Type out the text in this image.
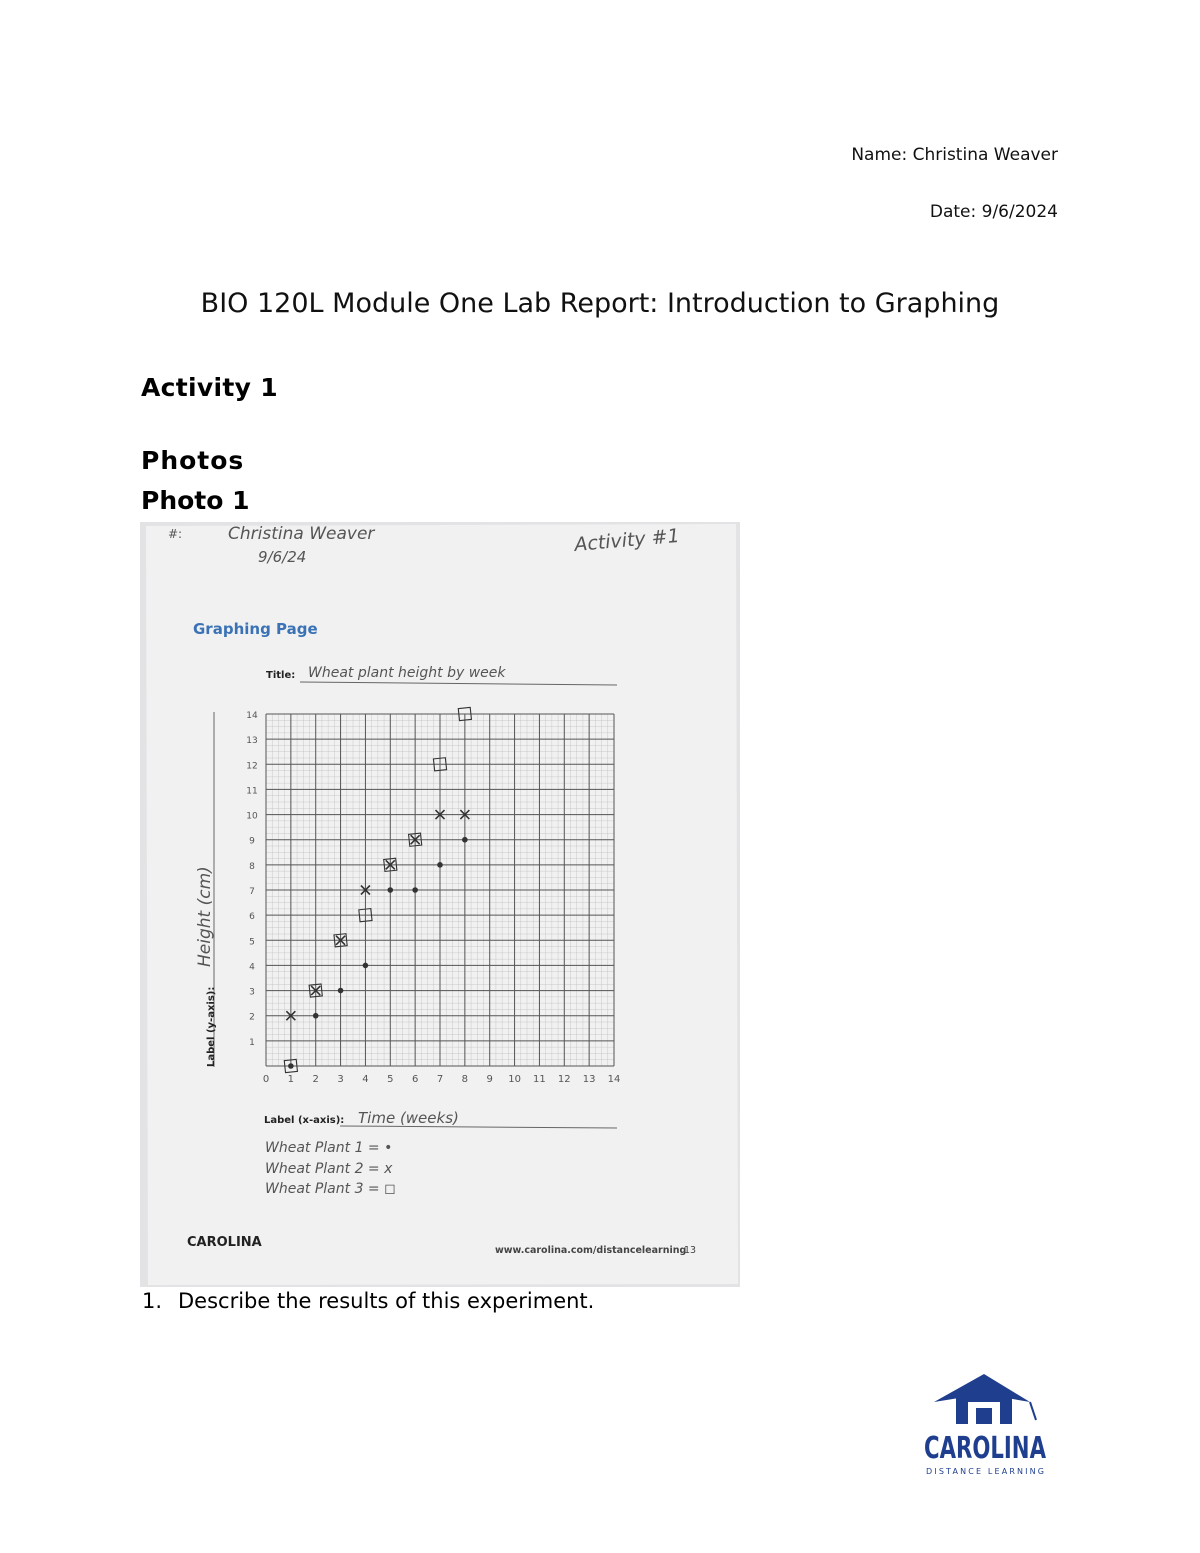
Name: Christina Weaver
Date: 9/6/2024
BIO 120L Module One Lab Report: Introduction to Graphing
Activity 1
Photos
Photo 1
#:	Christina Weaver
9/6/24
Activity #1
Graphing Page
Title: Wheat plant height by week
1
2
3
4
5
6
7
8
9
10
11
12
13
14
0 1 2 3 4 5 6 7 8 9 10 11 12 13 14
Label (y-axis):
Height (cm)
Label (x-axis): Time (weeks)
Wheat Plant 1 = •
Wheat Plant 2 = x
Wheat Plant 3 = ◻
CAROLINA
www.carolina.com/distancelearning
13
1. Describe the results of this experiment.
CAROLINA
DISTANCE LEARNING
